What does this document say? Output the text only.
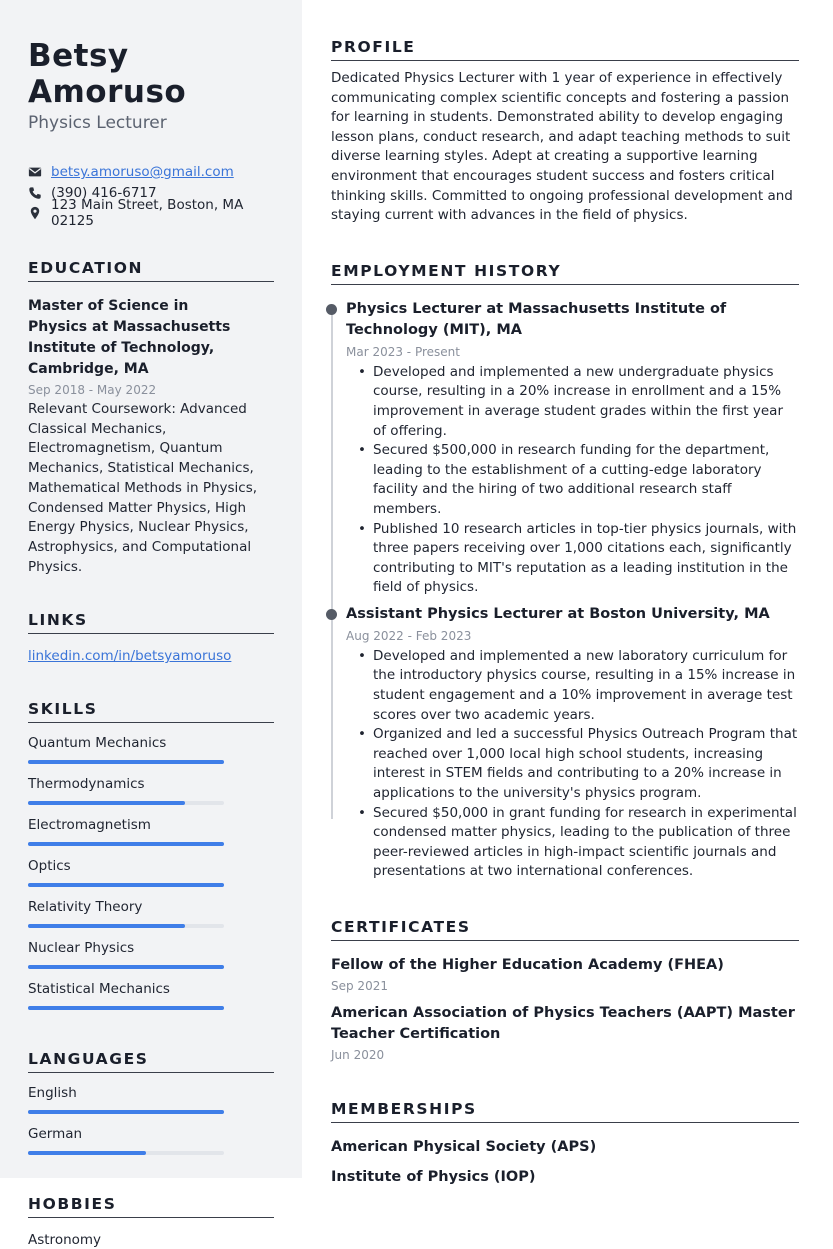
Betsy Amoruso
Physics Lecturer
betsy.amoruso@gmail.com
(390) 416-6717
123 Main Street, Boston, MA 02125
EDUCATION
Master of Science in Physics at Massachusetts Institute of Technology, Cambridge, MA
Sep 2018 - May 2022
Relevant Coursework: Advanced Classical Mechanics, Electromagnetism, Quantum Mechanics, Statistical Mechanics, Mathematical Methods in Physics, Condensed Matter Physics, High Energy Physics, Nuclear Physics, Astrophysics, and Computational Physics.
LINKS
linkedin.com/in/betsyamoruso
SKILLS
Quantum Mechanics
Thermodynamics
Electromagnetism
Optics
Relativity Theory
Nuclear Physics
Statistical Mechanics
LANGUAGES
English
German
HOBBIES
Astronomy
PROFILE

Dedicated Physics Lecturer with 1 year of experience in effectively communicating complex scientific concepts and fostering a passion for learning in students. Demonstrated ability to develop engaging lesson plans, conduct research, and adapt teaching methods to suit diverse learning styles. Adept at creating a supportive learning environment that encourages student success and fosters critical thinking skills. Committed to ongoing professional development and staying current with advances in the field of physics.

EMPLOYMENT HISTORY
Physics Lecturer at Massachusetts Institute of Technology (MIT), MA
Mar 2023 - Present
• Developed and implemented a new undergraduate physics course, resulting in a 20% increase in enrollment and a 15% improvement in average student grades within the first year of offering.
• Secured $500,000 in research funding for the department, leading to the establishment of a cutting-edge laboratory facility and the hiring of two additional research staff members.
• Published 10 research articles in top-tier physics journals, with three papers receiving over 1,000 citations each, significantly contributing to MIT's reputation as a leading institution in the field of physics.
Assistant Physics Lecturer at Boston University, MA
Aug 2022 - Feb 2023
• Developed and implemented a new laboratory curriculum for the introductory physics course, resulting in a 15% increase in student engagement and a 10% improvement in average test scores over two academic years.
• Organized and led a successful Physics Outreach Program that reached over 1,000 local high school students, increasing interest in STEM fields and contributing to a 20% increase in applications to the university's physics program.
• Secured $50,000 in grant funding for research in experimental condensed matter physics, leading to the publication of three peer-reviewed articles in high-impact scientific journals and presentations at two international conferences.
CERTIFICATES
Fellow of the Higher Education Academy (FHEA)
Sep 2021
American Association of Physics Teachers (AAPT) Master Teacher Certification
Jun 2020
MEMBERSHIPS
American Physical Society (APS)
Institute of Physics (IOP)
